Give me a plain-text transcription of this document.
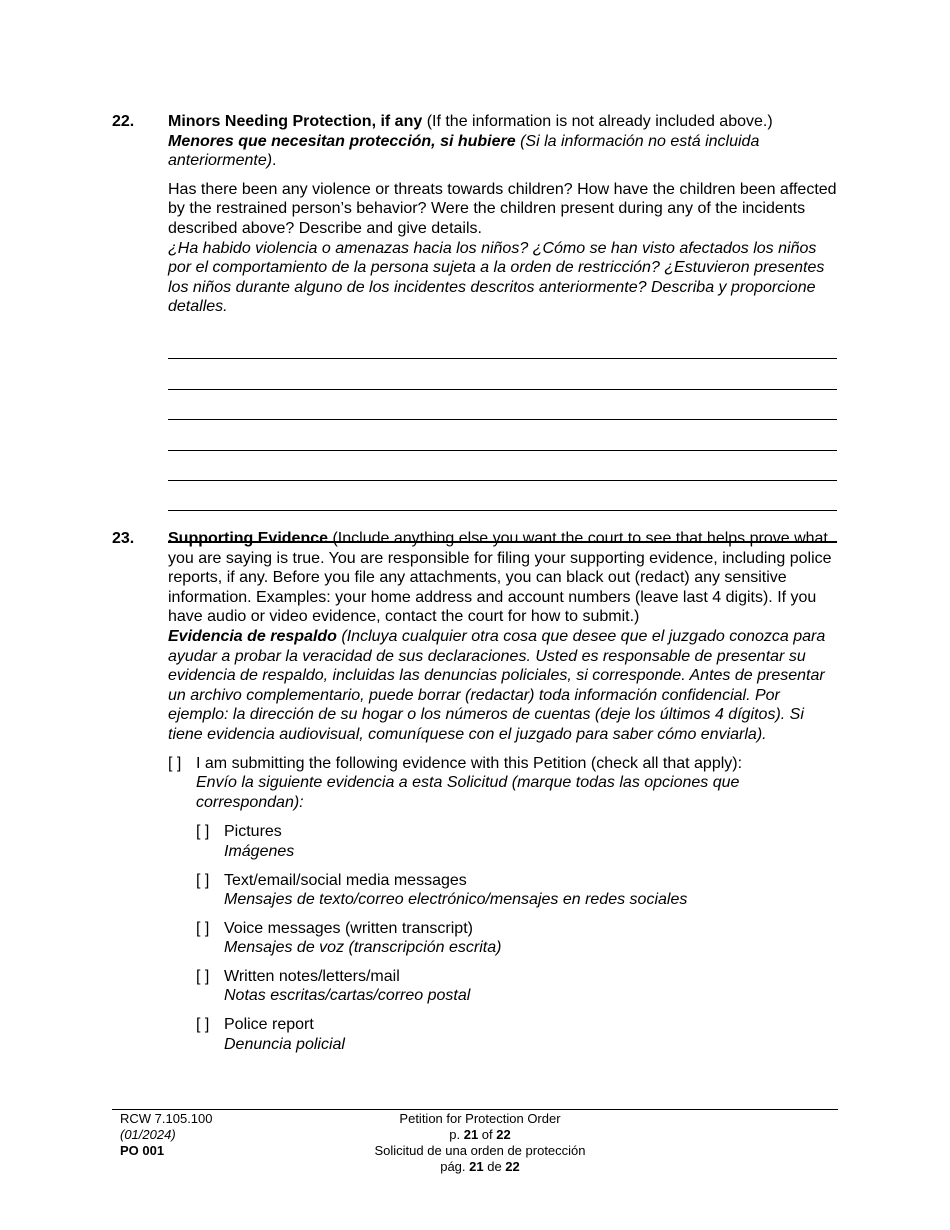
22.	Minors Needing Protection, if any (If the information is not already included above.)

Menores que necesitan protección, si hubiere (Si la información no está incluida anteriormente).

Has there been any violence or threats towards children? How have the children been affected by the restrained person’s behavior? Were the children present during any of the incidents described above? Describe and give details.

¿Ha habido violencia o amenazas hacia los niños? ¿Cómo se han visto afectados los niños por el comportamiento de la persona sujeta a la orden de restricción? ¿Estuvieron presentes los niños durante alguno de los incidentes descritos anteriormente? Describa y proporcione detalles.

23.	Supporting Evidence (Include anything else you want the court to see that helps prove what you are saying is true. You are responsible for filing your supporting evidence, including police reports, if any. Before you file any attachments, you can black out (redact) any sensitive information. Examples: your home address and account numbers (leave last 4 digits). If you have audio or video evidence, contact the court for how to submit.)

Evidencia de respaldo (Incluya cualquier otra cosa que desee que el juzgado conozca para ayudar a probar la veracidad de sus declaraciones. Usted es responsable de presentar su evidencia de respaldo, incluidas las denuncias policiales, si corresponde. Antes de presentar un archivo complementario, puede borrar (redactar) toda información confidencial. Por ejemplo: la dirección de su hogar o los números de cuentas (deje los últimos 4 dígitos). Si tiene evidencia audiovisual, comuníquese con el juzgado para saber cómo enviarla).

[ ] I am submitting the following evidence with this Petition (check all that apply):

Envío la siguiente evidencia a esta Solicitud (marque todas las opciones que correspondan):

[ ] Pictures

Imágenes

[ ] Text/email/social media messages

Mensajes de texto/correo electrónico/mensajes en redes sociales

[ ] Voice messages (written transcript)

Mensajes de voz (transcripción escrita)

[ ] Written notes/letters/mail

Notas escritas/cartas/correo postal

[ ] Police report

Denuncia policial

RCW 7.105.100
(01/2024)
PO 001
Petition for Protection Order
p. 21 of 22
Solicitud de una orden de protección
pág. 21 de 22
